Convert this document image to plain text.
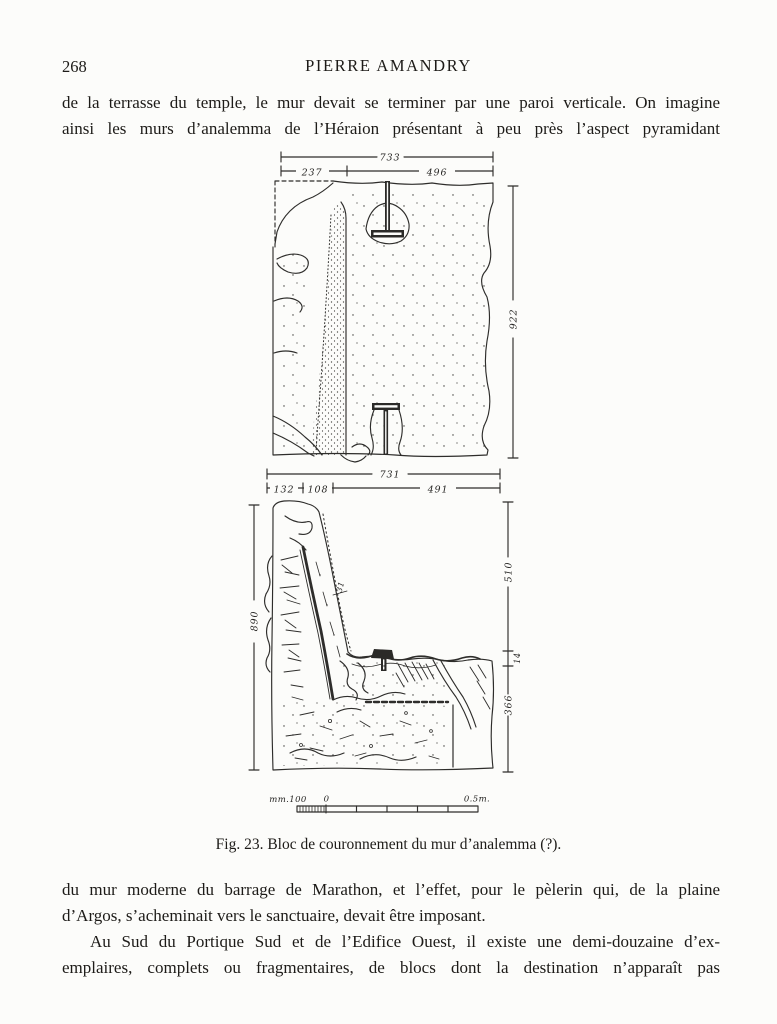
268	PIERRE AMANDRY
de la terrasse du temple, le mur devait se terminer par une paroi verticale. On imagine
ainsi les murs d’analemma de l’Héraion présentant à peu près l’aspect pyramidant
733
237	496
922
731
132 108	491
890
510
14
366
31
mm.100 0	0.5m.
Fig. 23. Bloc de couronnement du mur d’analemma (?).
du mur moderne du barrage de Marathon, et l’effet, pour le pèlerin qui, de la plaine
d’Argos, s’acheminait vers le sanctuaire, devait être imposant.
Au Sud du Portique Sud et de l’Edifice Ouest, il existe une demi-douzaine d’ex-
emplaires, complets ou fragmentaires, de blocs dont la destination n’apparaît pas
